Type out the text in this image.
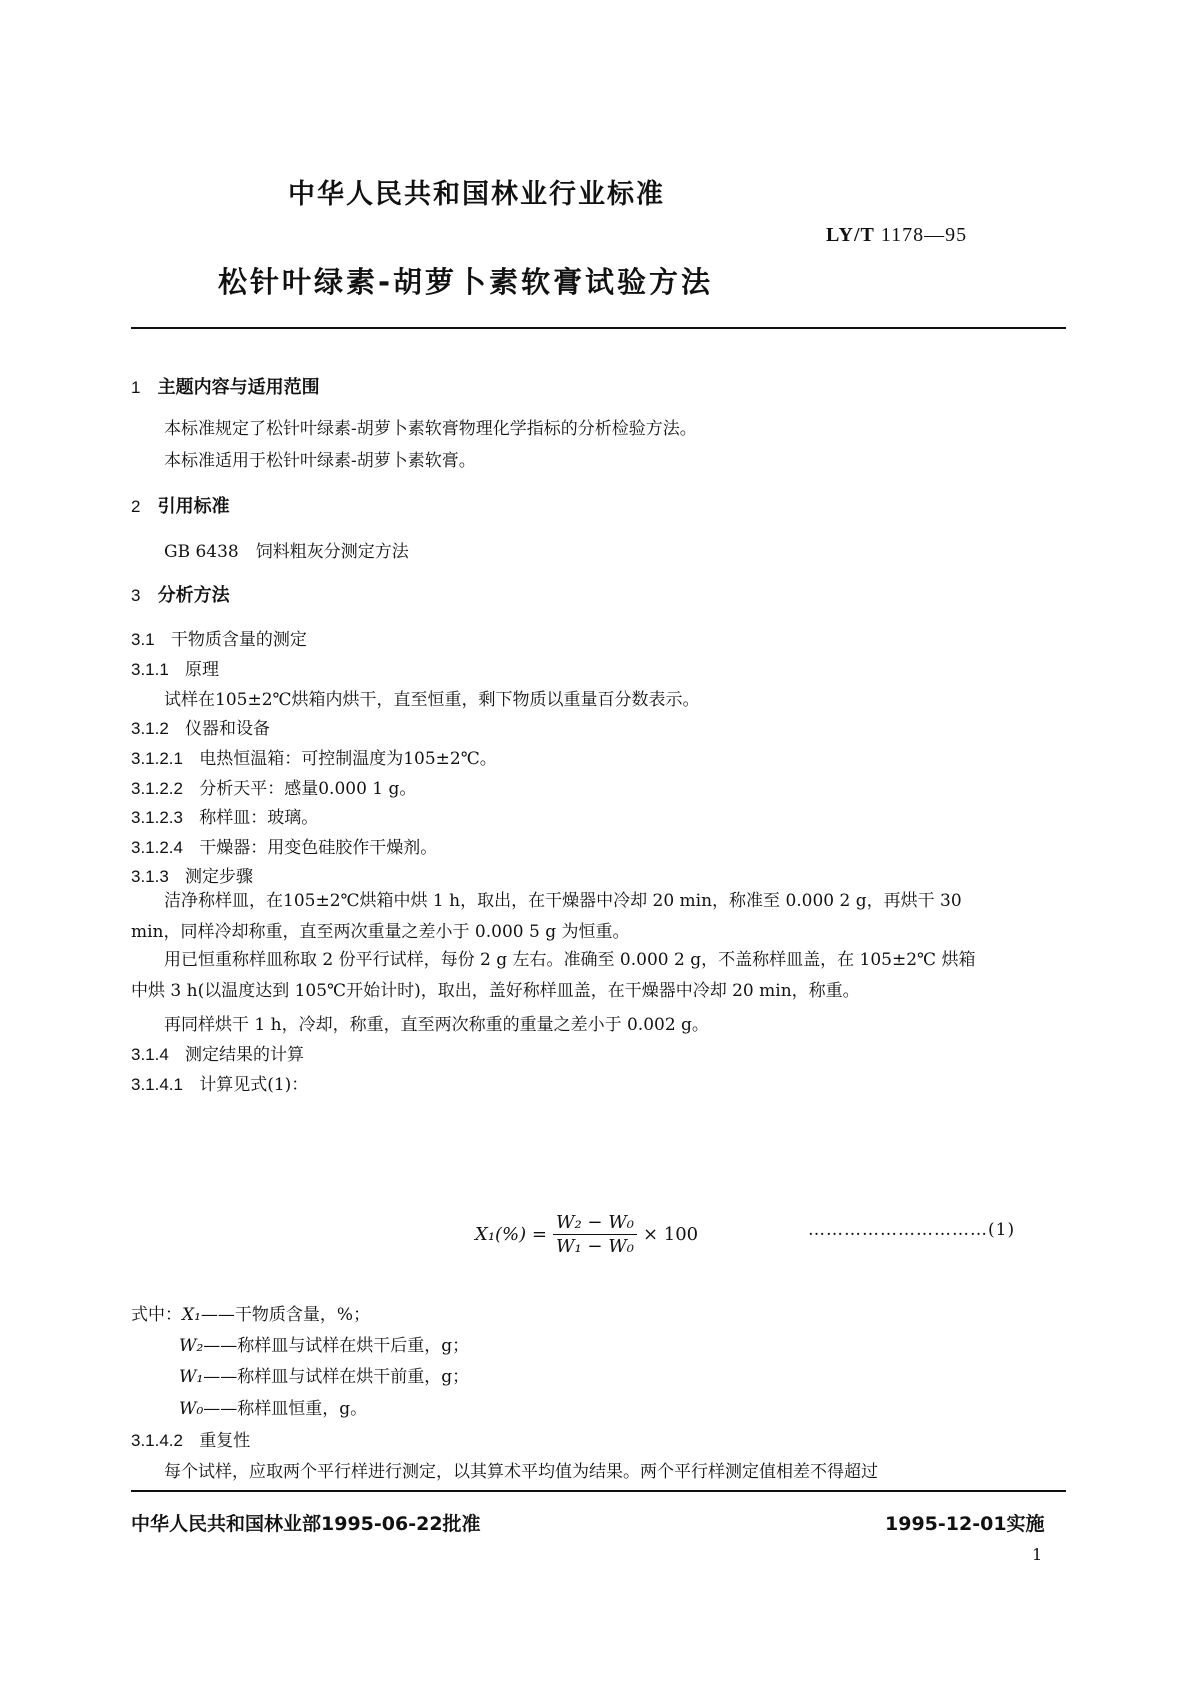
中华人民共和国林业行业标准
LY/T 1178—95
松针叶绿素-胡萝卜素软膏试验方法
1 主题内容与适用范围
本标准规定了松针叶绿素-胡萝卜素软膏物理化学指标的分析检验方法。
本标准适用于松针叶绿素-胡萝卜素软膏。
2 引用标准
GB 6438　饲料粗灰分测定方法
3 分析方法
3.1 干物质含量的测定
3.1.1 原理
试样在105±2℃烘箱内烘干，直至恒重，剩下物质以重量百分数表示。
3.1.2 仪器和设备
3.1.2.1 电热恒温箱：可控制温度为105±2℃。
3.1.2.2 分析天平：感量0.000 1 g。
3.1.2.3 称样皿：玻璃。
3.1.2.4 干燥器：用变色硅胶作干燥剂。
3.1.3 测定步骤
洁净称样皿，在105±2℃烘箱中烘 1 h，取出，在干燥器中冷却 20 min，称准至 0.000 2 g，再烘干 30 min，同样冷却称重，直至两次重量之差小于 0.000 5 g 为恒重。
用已恒重称样皿称取 2 份平行试样，每份 2 g 左右。准确至 0.000 2 g，不盖称样皿盖，在 105±2℃ 烘箱中烘 3 h(以温度达到 105℃开始计时)，取出，盖好称样皿盖，在干燥器中冷却 20 min，称重。
再同样烘干 1 h，冷却，称重，直至两次称重的重量之差小于 0.002 g。
3.1.4 测定结果的计算
3.1.4.1 计算见式(1)：
$X_1(\%) = \frac{\text{W₂ − W₀}}{\text{W₁ − W₀}} \times 100$	…………………………(1)
式中：X₁——干物质含量，%；
W₂——称样皿与试样在烘干后重，g；
W₁——称样皿与试样在烘干前重，g；
W₀——称样皿恒重，g。
3.1.4.2 重复性
每个试样，应取两个平行样进行测定，以其算术平均值为结果。两个平行样测定值相差不得超过
中华人民共和国林业部1995-06-22批准	1995-12-01实施
1
